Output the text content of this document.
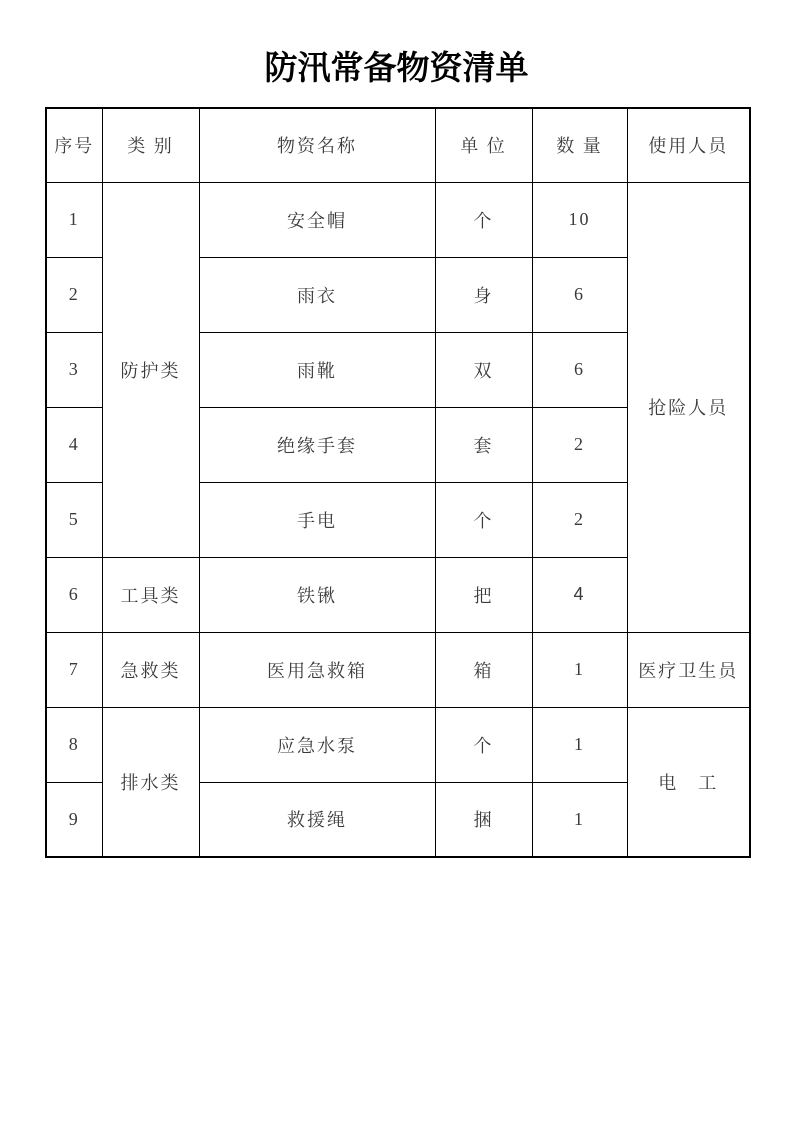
防汛常备物资清单
序号	类 别	物资名称	单 位	数 量	使用人员
1	防护类	安全帽	个	10	抢险人员
2		雨衣	身	6	
3		雨靴	双	6	
4		绝缘手套	套	2	
5		手电	个	2	
6	工具类	铁锹	把	4	
7	急救类	医用急救箱	箱	1	医疗卫生员
8	排水类	应急水泵	个	1	电　工
9		救援绳	捆	1	
